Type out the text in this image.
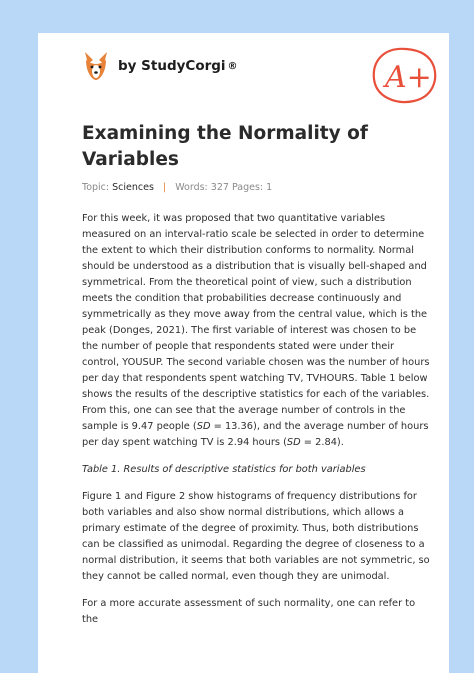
by StudyCorgi ®	A+
Examining the Normality of Variables
Topic: Sciences | Words: 327 Pages: 1

For this week, it was proposed that two quantitative variables measured on an interval-ratio scale be selected in order to determine the extent to which their distribution conforms to normality. Normal should be understood as a distribution that is visually bell-shaped and symmetrical. From the theoretical point of view, such a distribution meets the condition that probabilities decrease continuously and symmetrically as they move away from the central value, which is the peak (Donges, 2021). The first variable of interest was chosen to be the number of people that respondents stated were under their control, YOUSUP. The second variable chosen was the number of hours per day that respondents spent watching TV, TVHOURS. Table 1 below shows the results of the descriptive statistics for each of the variables. From this, one can see that the average number of controls in the sample is 9.47 people (SD = 13.36), and the average number of hours per day spent watching TV is 2.94 hours (SD = 2.84).

Table 1. Results of descriptive statistics for both variables

Figure 1 and Figure 2 show histograms of frequency distributions for both variables and also show normal distributions, which allows a primary estimate of the degree of proximity. Thus, both distributions can be classified as unimodal. Regarding the degree of closeness to a normal distribution, it seems that both variables are not symmetric, so they cannot be called normal, even though they are unimodal.

For a more accurate assessment of such normality, one can refer to the
